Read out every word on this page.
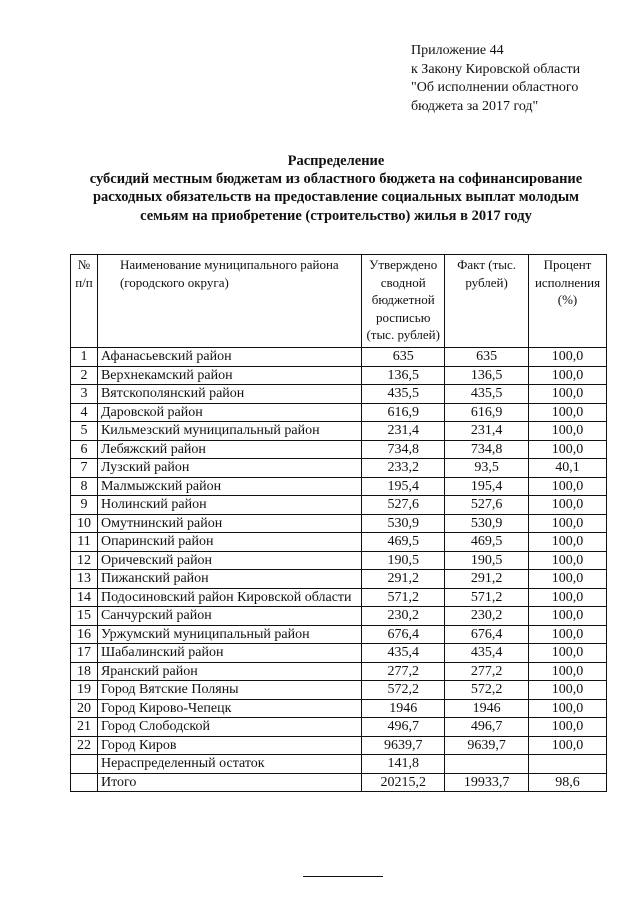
Приложение 44
к Закону Кировской области
"Об исполнении областного
бюджета за 2017 год"
Распределение
субсидий местным бюджетам из областного бюджета на софинансирование
расходных обязательств на предоставление социальных выплат молодым
семьям на приобретение (строительство) жилья в 2017 году
№ п/п	Наименование муниципального района (городского округа)	Утверждено сводной бюджетной росписью (тыс. рублей)	Факт (тыс. рублей)	Процент исполнения (%)
1	Афанасьевский район	635	635	100,0
2	Верхнекамский район	136,5	136,5	100,0
3	Вятскополянский район	435,5	435,5	100,0
4	Даровской район	616,9	616,9	100,0
5	Кильмезский муниципальный район	231,4	231,4	100,0
6	Лебяжский район	734,8	734,8	100,0
7	Лузский район	233,2	93,5	40,1
8	Малмыжский район	195,4	195,4	100,0
9	Нолинский район	527,6	527,6	100,0
10	Омутнинский район	530,9	530,9	100,0
11	Опаринский район	469,5	469,5	100,0
12	Оричевский район	190,5	190,5	100,0
13	Пижанский район	291,2	291,2	100,0
14	Подосиновский район Кировской области	571,2	571,2	100,0
15	Санчурский район	230,2	230,2	100,0
16	Уржумский муниципальный район	676,4	676,4	100,0
17	Шабалинский район	435,4	435,4	100,0
18	Яранский район	277,2	277,2	100,0
19	Город Вятские Поляны	572,2	572,2	100,0
20	Город Кирово-Чепецк	1946	1946	100,0
21	Город Слободской	496,7	496,7	100,0
22	Город Киров	9639,7	9639,7	100,0
	Нераспределенный остаток	141,8		
	Итого	20215,2	19933,7	98,6
